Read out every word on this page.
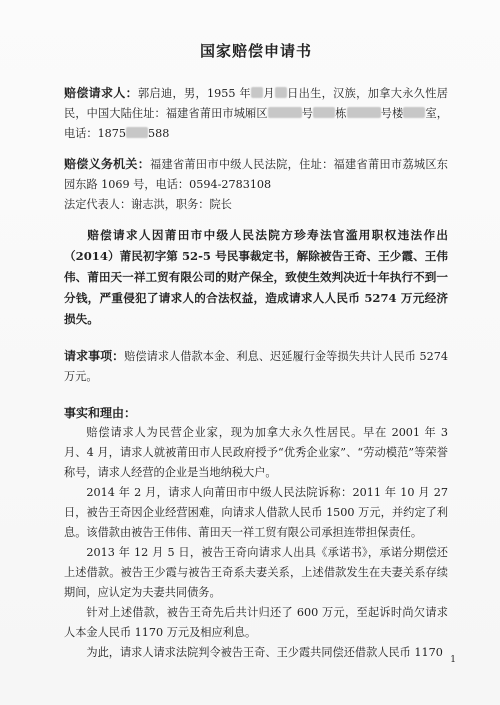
国家赔偿申请书

赔偿请求人：郭启迪，男，1955 年 月 日出生，汉族，加拿大永久性居民，中国大陆住址：福建省莆田市城厢区	号 栋	号楼 室，电话：1875 588

赔偿义务机关：福建省莆田市中级人民法院，住址：福建省莆田市荔城区东园东路 1069 号，电话：0594-2783108

法定代表人：谢志洪，职务：院长

赔偿请求人因莆田市中级人民法院方珍寿法官滥用职权违法作出（2014）莆民初字第 52-5 号民事裁定书，解除被告王奇、王少霞、王伟伟、莆田天一祥工贸有限公司的财产保全，致使生效判决近十年执行不到一分钱，严重侵犯了请求人的合法权益，造成请求人人民币 5274 万元经济损失。

请求事项：赔偿请求人借款本金、利息、迟延履行金等损失共计人民币 5274 万元。

事实和理由：

赔偿请求人为民营企业家，现为加拿大永久性居民。早在 2001 年 3 月、4 月，请求人就被莆田市人民政府授予“优秀企业家”、“劳动模范”等荣誉称号，请求人经营的企业是当地纳税大户。

2014 年 2 月，请求人向莆田市中级人民法院诉称：2011 年 10 月 27 日，被告王奇因企业经营困难，向请求人借款人民币 1500 万元，并约定了利息。该借款由被告王伟伟、莆田天一祥工贸有限公司承担连带担保责任。

2013 年 12 月 5 日，被告王奇向请求人出具《承诺书》，承诺分期偿还上述借款。被告王少霞与被告王奇系夫妻关系，上述借款发生在夫妻关系存续期间，应认定为夫妻共同债务。

针对上述借款，被告王奇先后共计归还了 600 万元，至起诉时尚欠请求人本金人民币 1170 万元及相应利息。

为此，请求人请求法院判令被告王奇、王少霞共同偿还借款人民币 1170

1
